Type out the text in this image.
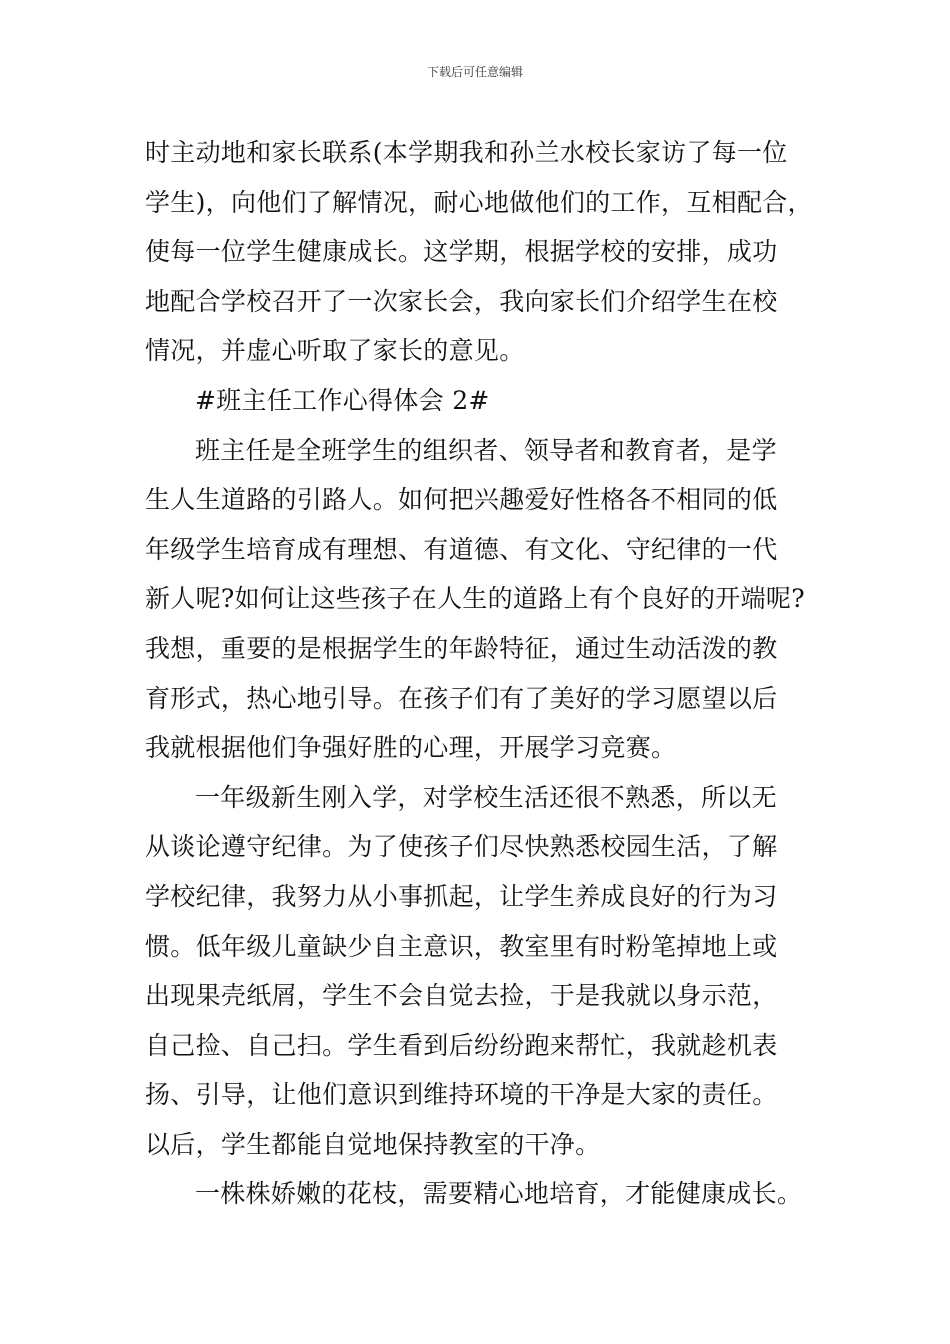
下载后可任意编辑
时主动地和家长联系(本学期我和孙兰水校长家访了每一位
学生)，向他们了解情况，耐心地做他们的工作，互相配合，
使每一位学生健康成长。这学期，根据学校的安排，成功
地配合学校召开了一次家长会，我向家长们介绍学生在校
情况，并虚心听取了家长的意见。
#班主任工作心得体会 2#
班主任是全班学生的组织者、领导者和教育者，是学
生人生道路的引路人。如何把兴趣爱好性格各不相同的低
年级学生培育成有理想、有道德、有文化、守纪律的一代
新人呢?如何让这些孩子在人生的道路上有个良好的开端呢?
我想，重要的是根据学生的年龄特征，通过生动活泼的教
育形式，热心地引导。在孩子们有了美好的学习愿望以后
我就根据他们争强好胜的心理，开展学习竞赛。
一年级新生刚入学，对学校生活还很不熟悉，所以无
从谈论遵守纪律。为了使孩子们尽快熟悉校园生活，了解
学校纪律，我努力从小事抓起，让学生养成良好的行为习
惯。低年级儿童缺少自主意识，教室里有时粉笔掉地上或
出现果壳纸屑，学生不会自觉去捡，于是我就以身示范，
自己捡、自己扫。学生看到后纷纷跑来帮忙，我就趁机表
扬、引导，让他们意识到维持环境的干净是大家的责任。
以后，学生都能自觉地保持教室的干净。
一株株娇嫩的花枝，需要精心地培育，才能健康成长。
